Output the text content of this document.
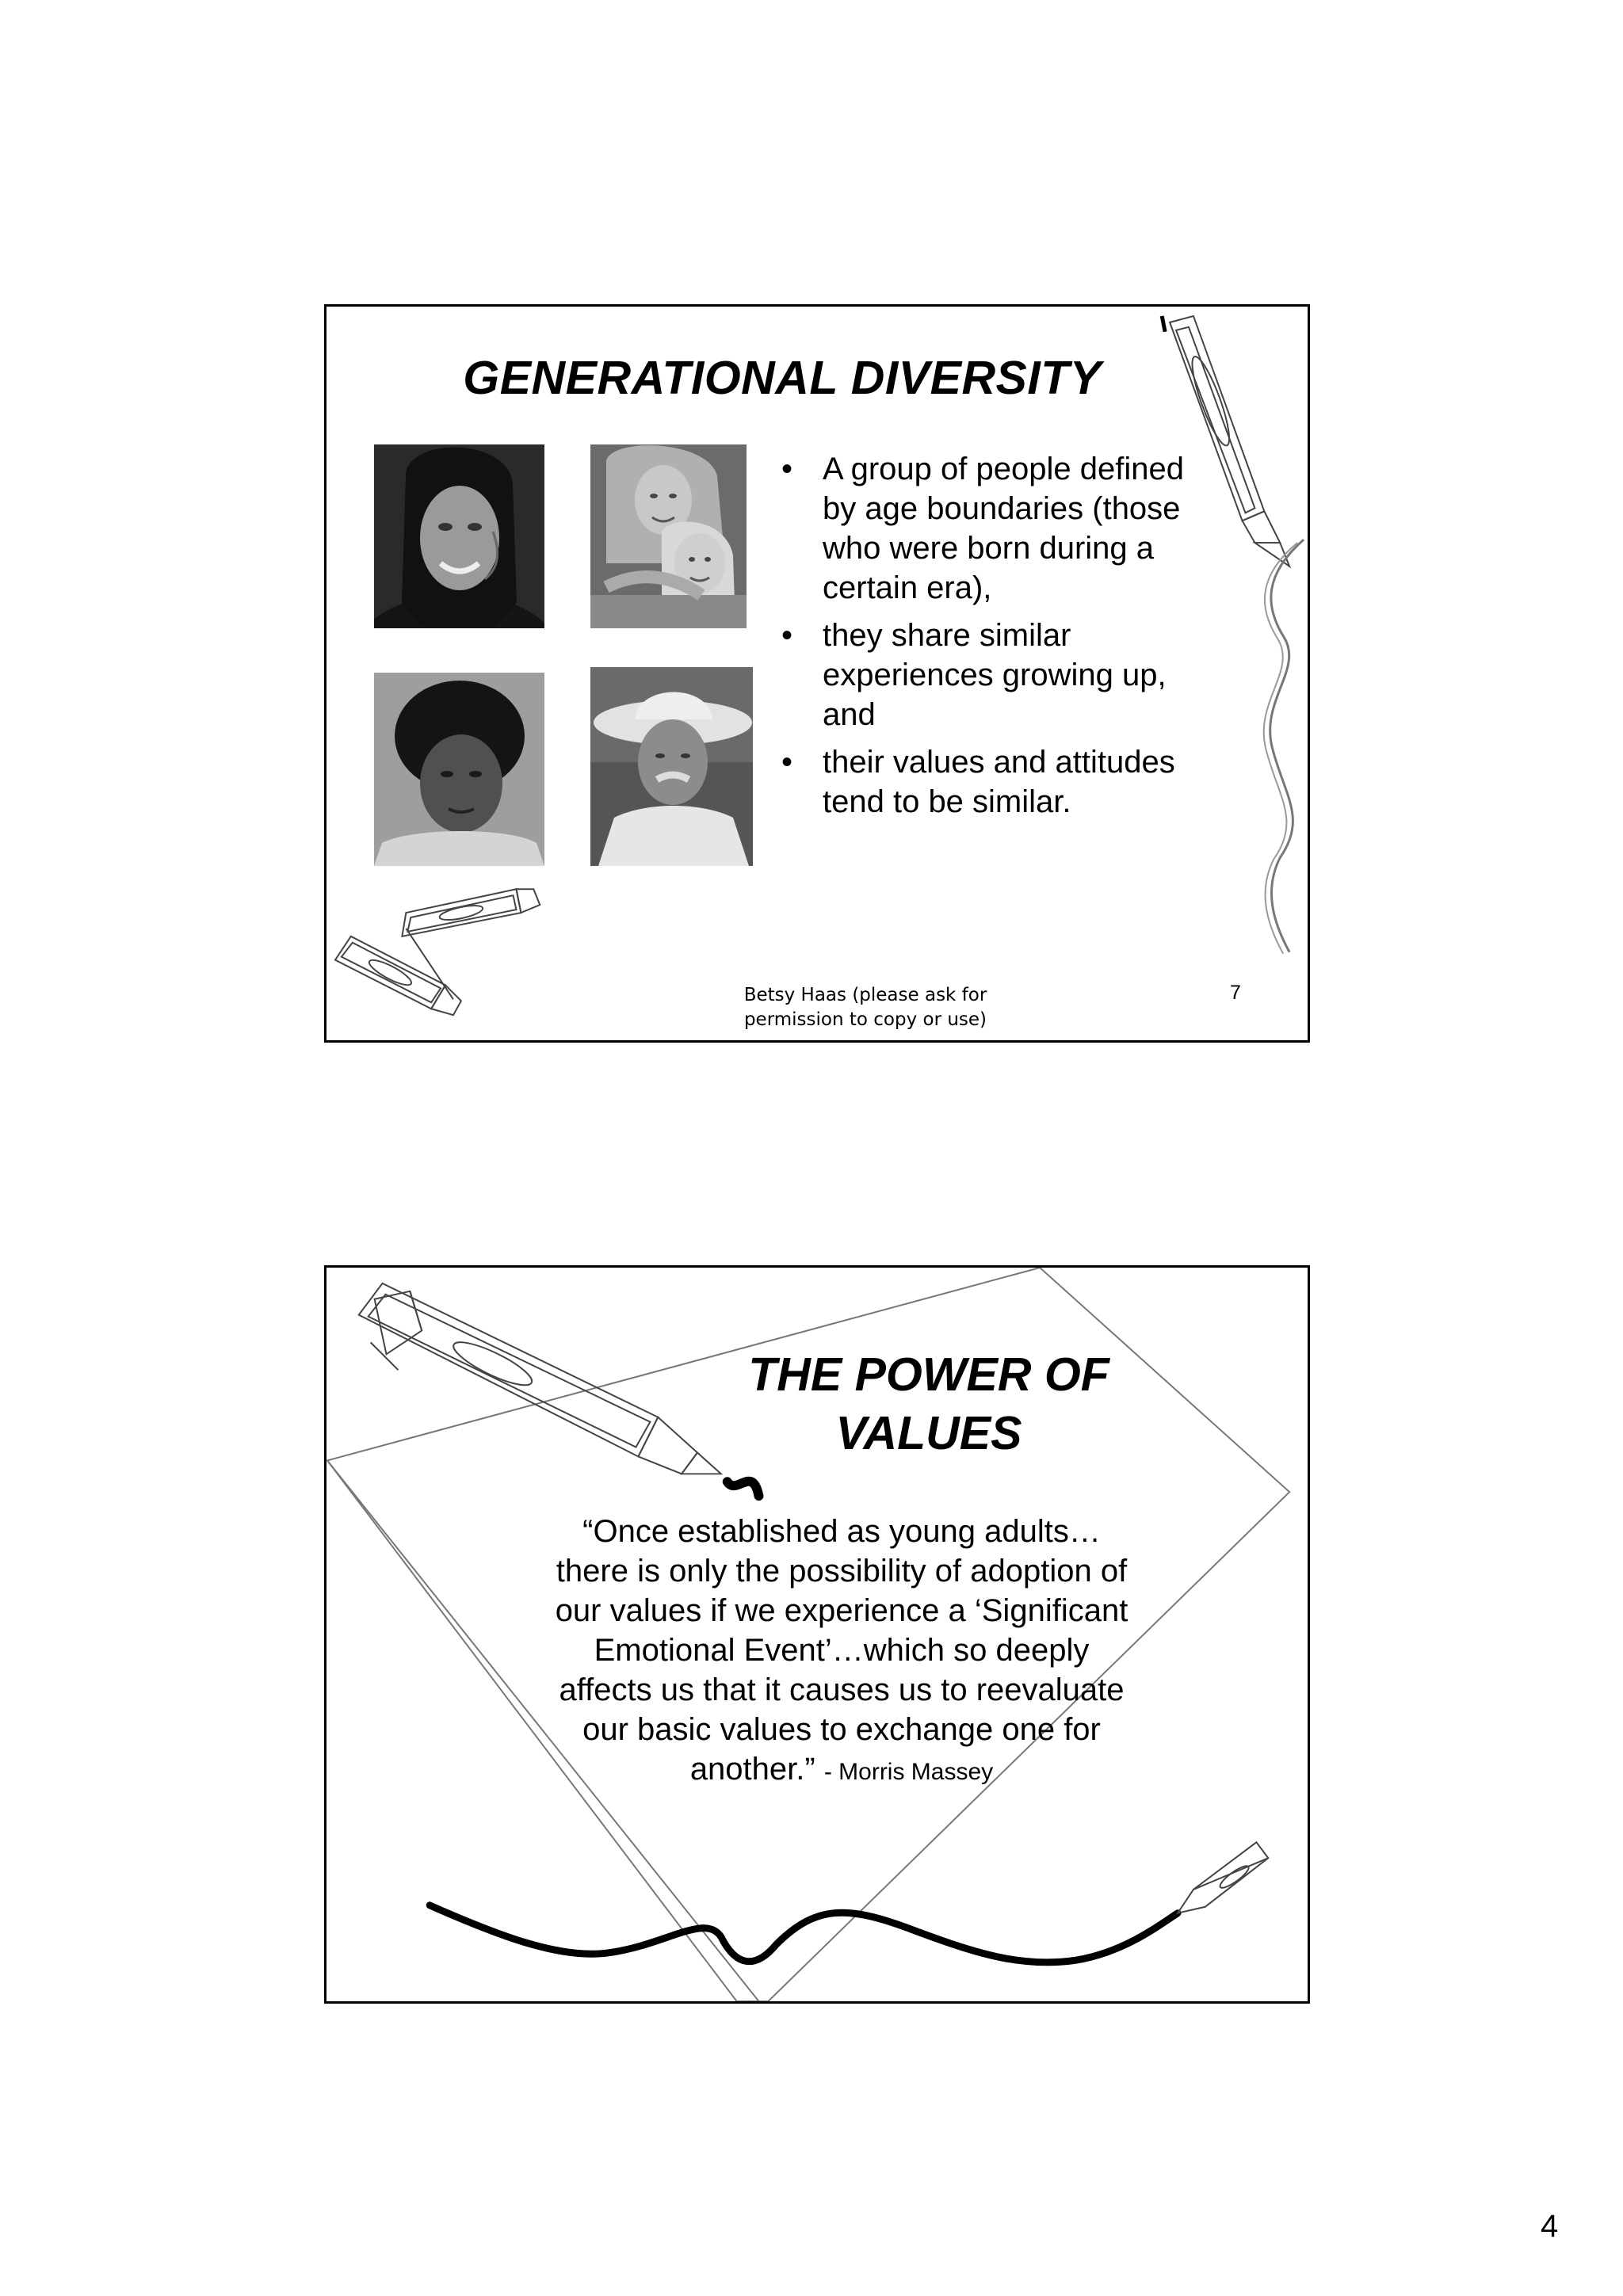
GENERATIONAL DIVERSITY
• A group of people defined by age boundaries (those who were born during a certain era),
• they share similar experiences growing up, and
• their values and attitudes tend to be similar.
Betsy Haas (please ask for
permission to copy or use)
7
THE POWER OF
VALUES
“Once established as young adults…
there is only the possibility of adoption of
our values if we experience a ‘Significant
Emotional Event’…which so deeply
affects us that it causes us to reevaluate
our basic values to exchange one for
another.” - Morris Massey
4
